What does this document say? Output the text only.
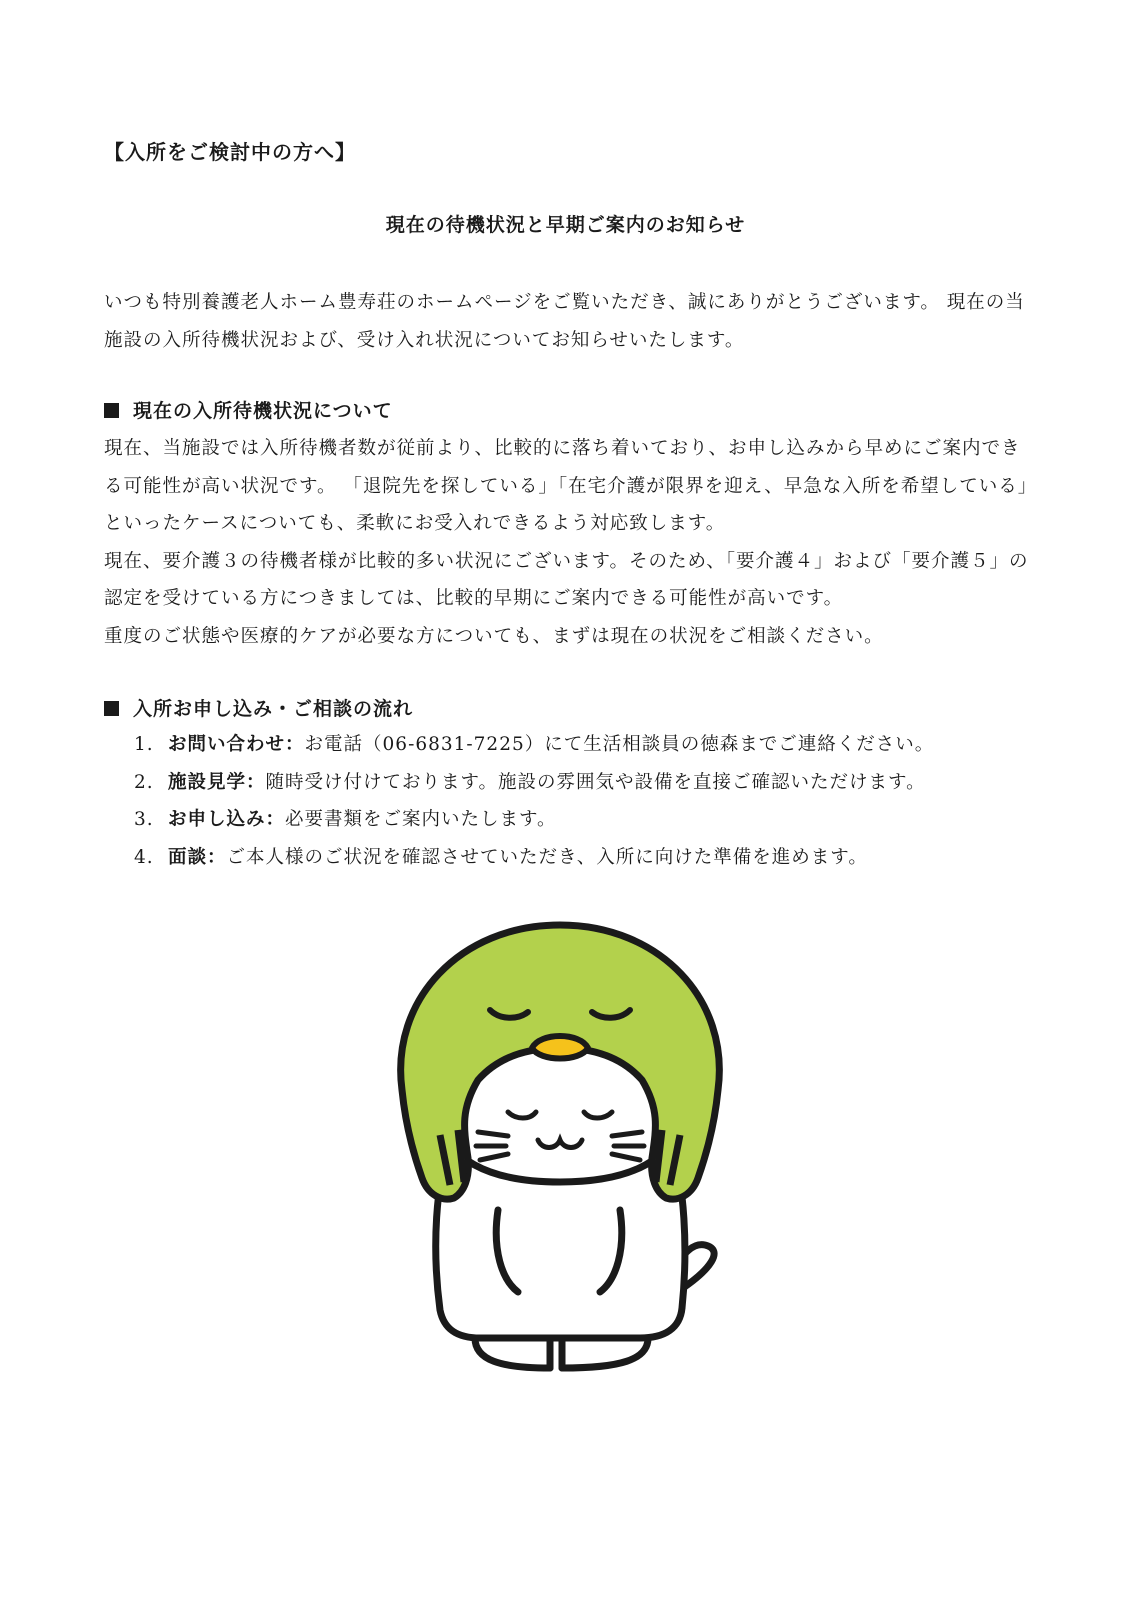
【入所をご検討中の方へ】
現在の待機状況と早期ご案内のお知らせ
いつも特別養護老人ホーム豊寿荘のホームページをご覧いただき、誠にありがとうございます。 現在の当施設の入所待機状況および、受け入れ状況についてお知らせいたします。
現在の入所待機状況について

現在、当施設では入所待機者数が従前より、比較的に落ち着いており、お申し込みから早めにご案内できる可能性が高い状況です。 「退院先を探している」「在宅介護が限界を迎え、早急な入所を希望している」といったケースについても、柔軟にお受入れできるよう対応致します。

現在、要介護３の待機者様が比較的多い状況にございます。そのため、「要介護４」および「要介護５」の認定を受けている方につきましては、比較的早期にご案内できる可能性が高いです。

重度のご状態や医療的ケアが必要な方についても、まずは現在の状況をご相談ください。

入所お申し込み・ご相談の流れ
1. お問い合わせ：お電話（06-6831-7225）にて生活相談員の徳森までご連絡ください。
2. 施設見学：随時受け付けております。施設の雰囲気や設備を直接ご確認いただけます。
3. お申し込み：必要書類をご案内いたします。
4. 面談：ご本人様のご状況を確認させていただき、入所に向けた準備を進めます。
